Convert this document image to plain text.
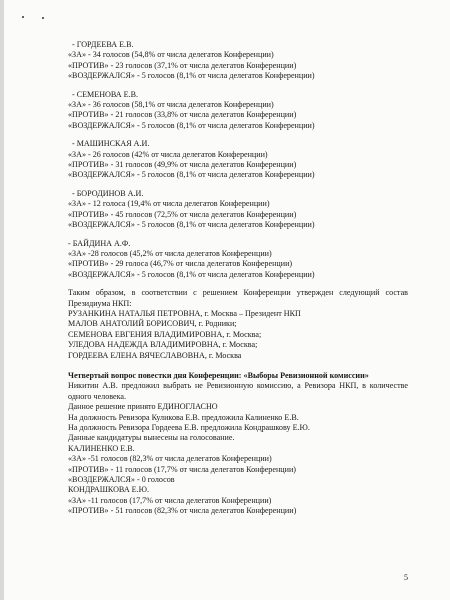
- ГОРДЕЕВА Е.В.
«ЗА» - 34 голосов (54,8% от числа делегатов Конференции)
«ПРОТИВ» - 23 голосов (37,1% от числа делегатов Конференции)
«ВОЗДЕРЖАЛСЯ» - 5 голосов (8,1% от числа делегатов Конференции)
- СЕМЕНОВА Е.В.
«ЗА» - 36 голосов (58,1% от числа делегатов Конференции)
«ПРОТИВ» - 21 голосов (33,8% от числа делегатов Конференции)
«ВОЗДЕРЖАЛСЯ» - 5 голосов (8,1% от числа делегатов Конференции)
- МАШИНСКАЯ А.И.
«ЗА» - 26 голосов (42% от числа делегатов Конференции)
«ПРОТИВ» - 31 голосов (49,9% от числа делегатов Конференции)
«ВОЗДЕРЖАЛСЯ» - 5 голосов (8,1% от числа делегатов Конференции)
- БОРОДИНОВ А.И.
«ЗА» - 12 голоса (19,4% от числа делегатов Конференции)
«ПРОТИВ» - 45 голосов (72,5% от числа делегатов Конференции)
«ВОЗДЕРЖАЛСЯ» - 5 голосов (8,1% от числа делегатов Конференции)
- БАЙДИНА А.Ф.
«ЗА» -28 голосов (45,2% от числа делегатов Конференции)
«ПРОТИВ» - 29 голоса (46,7% от числа делегатов Конференции)
«ВОЗДЕРЖАЛСЯ» - 5 голосов (8,1% от числа делегатов Конференции)
Таким образом, в соответствии с решением Конференции утвержден следующий состав Президиума НКП:
РУЗАНКИНА НАТАЛЬЯ ПЕТРОВНА, г. Москва – Президент НКП
МАЛОВ АНАТОЛИЙ БОРИСОВИЧ, г. Родники;
СЕМЕНОВА ЕВГЕНИЯ ВЛАДИМИРОВНА, г. Москва;
УЛЕДОВА НАДЕЖДА ВЛАДИМИРОВНА, г. Москва;
ГОРДЕЕВА ЕЛЕНА ВЯЧЕСЛАВОВНА, г. Москва
Четвертый вопрос повестки дня Конференции: «Выборы Ревизионной комиссии»
Никитин А.В. предложил выбрать не Ревизионную комиссию, а Ревизора НКП, в количестве одного человека.
Данное решение принято ЕДИНОГЛАСНО
На должность Ревизора Куликова Е.В. предложила Калиненко Е.В.
На должность Ревизора Гордеева Е.В. предложила Кондрашкову Е.Ю.
Данные кандидатуры вынесены на голосование.
КАЛИНЕНКО Е.В.
«ЗА» -51 голосов (82,3% от числа делегатов Конференции)
«ПРОТИВ» - 11 голосов (17,7% от числа делегатов Конференции)
«ВОЗДЕРЖАЛСЯ» - 0 голосов
КОНДРАШКОВА Е.Ю.
«ЗА» -11 голосов (17,7% от числа делегатов Конференции)
«ПРОТИВ» - 51 голосов (82,3% от числа делегатов Конференции)
5
